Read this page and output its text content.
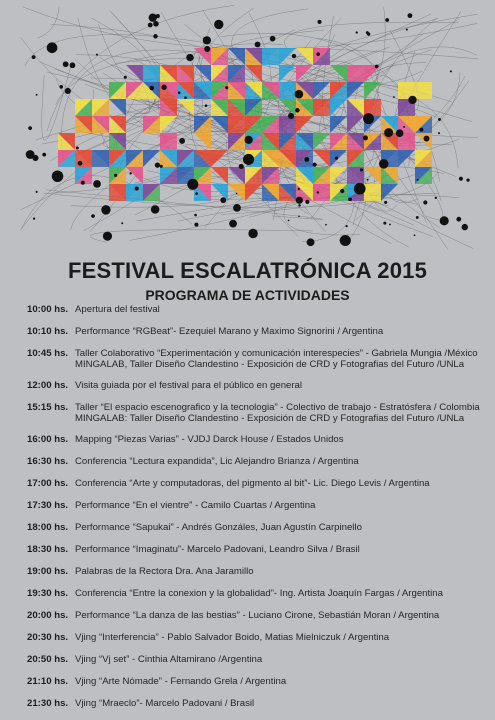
FESTIVAL ESCALATRÓNICA 2015
PROGRAMA DE ACTIVIDADES
10:00 hs. Apertura del festival
10:10 hs. Performance “RGBeat”- Ezequiel Marano y Maximo Signorini / Argentina
10:45 hs. Taller Colaborativo “Experimentación y comunicación interespecies” - Gabriela Mungia /México
MINGALAB, Taller Diseño Clandestino - Exposición de CRD y Fotografias del Futuro /UNLa
12:00 hs. Visita guiada por el festival para el público en general
15:15 hs. Taller “El espacio escenografico y la tecnologia” - Colectivo de trabajo - Estratósfera / Colombia
MINGALAB: Taller Diseño Clandestino - Exposición de CRD y Fotografias del Futuro /UNLa
16:00 hs. Mapping “Piezas Varias” - VJDJ Darck House / Estados Unidos
16:30 hs. Conferencia “Lectura expandida”, Lic Alejandro Brianza / Argentina
17:00 hs. Conferencia “Arte y computadoras, del pigmento al bit”- Lic. Diego Levis / Argentina
17:30 hs. Performance “En el vientre” - Camilo Cuartas / Argentina
18:00 hs. Performance “Sapukai” - Andrés Gonzáles, Juan Agustín Carpinello
18:30 hs. Performance “Imaginatu”- Marcelo Padovani, Leandro Silva / Brasil
19:00 hs. Palabras de la Rectora Dra. Ana Jaramillo
19:30 hs. Conferencia “Entre la conexion y la globalidad”- Ing. Artista Joaquín Fargas / Argentina
20:00 hs. Performance “La danza de las bestias” - Luciano Cirone, Sebastián Moran / Argentina
20:30 hs. Vjing “Interferencia” - Pablo Salvador Boido, Matias Mielniczuk / Argentina
20:50 hs. Vjing “Vj set” - Cinthia Altamirano /Argentina
21:10 hs. Vjing “Arte Nómade” - Fernando Grela / Argentina
21:30 hs. Vjing “Mraeclo”- Marcelo Padovani / Brasil
